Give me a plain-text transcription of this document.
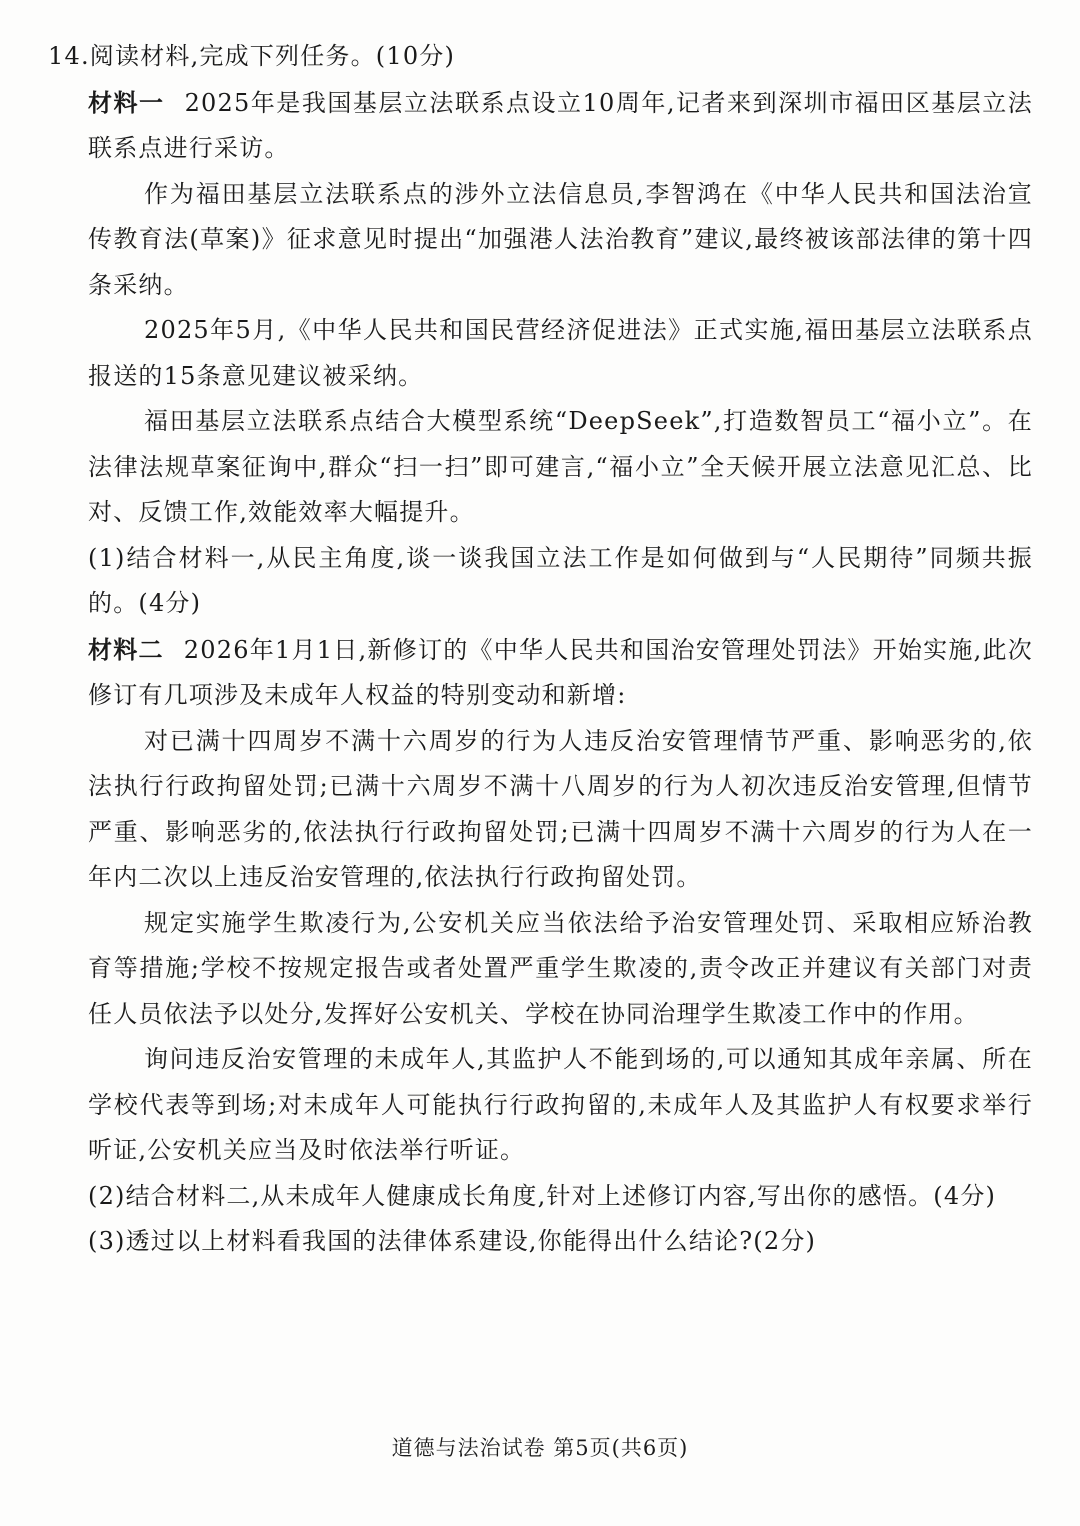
14.阅读材料,完成下列任务。(10分)

材料一 2025年是我国基层立法联系点设立10周年,记者来到深圳市福田区基层立法联系点进行采访。

作为福田基层立法联系点的涉外立法信息员,李智鸿在《中华人民共和国法治宣传教育法(草案)》征求意见时提出“加强港人法治教育”建议,最终被该部法律的第十四条采纳。

2025年5月,《中华人民共和国民营经济促进法》正式实施,福田基层立法联系点报送的15条意见建议被采纳。

福田基层立法联系点结合大模型系统“DeepSeek”,打造数智员工“福小立”。在法律法规草案征询中,群众“扫一扫”即可建言,“福小立”全天候开展立法意见汇总、比对、反馈工作,效能效率大幅提升。

(1)结合材料一,从民主角度,谈一谈我国立法工作是如何做到与“人民期待”同频共振的。(4分)

材料二 2026年1月1日,新修订的《中华人民共和国治安管理处罚法》开始实施,此次修订有几项涉及未成年人权益的特别变动和新增:

对已满十四周岁不满十六周岁的行为人违反治安管理情节严重、影响恶劣的,依法执行行政拘留处罚;已满十六周岁不满十八周岁的行为人初次违反治安管理,但情节严重、影响恶劣的,依法执行行政拘留处罚;已满十四周岁不满十六周岁的行为人在一年内二次以上违反治安管理的,依法执行行政拘留处罚。

规定实施学生欺凌行为,公安机关应当依法给予治安管理处罚、采取相应矫治教育等措施;学校不按规定报告或者处置严重学生欺凌的,责令改正并建议有关部门对责任人员依法予以处分,发挥好公安机关、学校在协同治理学生欺凌工作中的作用。

询问违反治安管理的未成年人,其监护人不能到场的,可以通知其成年亲属、所在学校代表等到场;对未成年人可能执行行政拘留的,未成年人及其监护人有权要求举行听证,公安机关应当及时依法举行听证。

(2)结合材料二,从未成年人健康成长角度,针对上述修订内容,写出你的感悟。(4分)

(3)透过以上材料看我国的法律体系建设,你能得出什么结论?(2分)

道德与法治试卷 第5页(共6页)
